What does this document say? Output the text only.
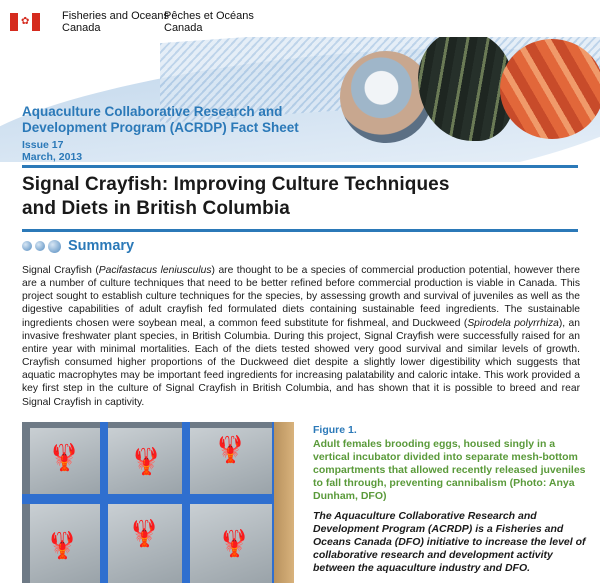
✿	Fisheries and Oceans
Canada
Pêches et Océans
Canada
Aquaculture Collaborative Research and
Development Program (ACRDP) Fact Sheet
Issue 17
March, 2013
Signal Crayfish: Improving Culture Techniques
and Diets in British Columbia
Summary
Signal Crayfish (Pacifastacus leniusculus) are thought to be a species of commercial production potential, however there are a number of culture techniques that need to be better refined before commercial production is viable in Canada. This project sought to establish culture techniques for the species, by assessing growth and survival of juveniles as well as the digestive capabilities of adult crayfish fed formulated diets containing sustainable feed ingredients. The sustainable ingredients chosen were soybean meal, a common feed substitute for fishmeal, and Duckweed (Spirodela polyrrhiza), an invasive freshwater plant species, in British Columbia. During this project, Signal Crayfish were successfully raised for an entire year with minimal mortalities. Each of the diets tested showed very good survival and similar levels of growth. Crayfish consumed higher proportions of the Duckweed diet despite a slightly lower digestibility which suggests that aquatic macrophytes may be important feed ingredients for increasing palatability and caloric intake. This work provided a key first step in the culture of Signal Crayfish in British Columbia, and has shown that it is possible to breed and rear Signal Crayfish in captivity.
🦞 🦞 🦞
🦞 🦞 🦞
Figure 1.
Adult females brooding eggs, housed singly in a vertical incubator divided into separate mesh-bottom compartments that allowed recently released juveniles to fall through, preventing cannibalism (Photo: Anya Dunham, DFO)
The Aquaculture Collaborative Research and Development Program (ACRDP) is a Fisheries and Oceans Canada (DFO) initiative to increase the level of collaborative research and development activity between the aquaculture industry and DFO.
